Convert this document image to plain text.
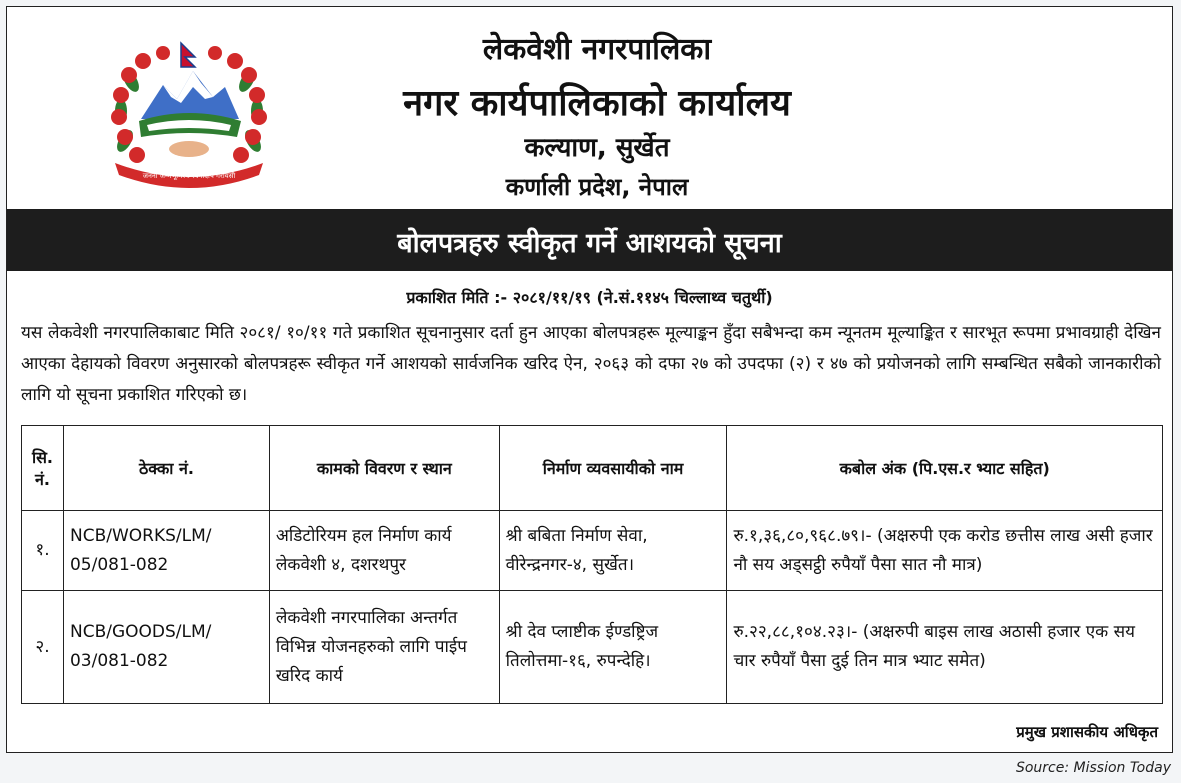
जननी जन्मभूमिश्च स्वर्गादपि गरीयसी
लेकवेशी नगरपालिका
नगर कार्यपालिकाको कार्यालय
कल्याण, सुर्खेत
कर्णाली प्रदेश, नेपाल
बोलपत्रहरु स्वीकृत गर्ने आशयको सूचना
प्रकाशित मिति :- २०८१/११/१९ (ने.सं.११४५ चिल्लाथ्व चतुर्थी)
यस लेकवेशी नगरपालिकाबाट मिति २०८१/ १०/११ गते प्रकाशित सूचनानुसार दर्ता हुन आएका बोलपत्रहरू मूल्याङ्कन हुँदा सबैभन्दा कम न्यूनतम मूल्याङ्कित र सारभूत रूपमा प्रभावग्राही देखिन आएका देहायको विवरण अनुसारको बोलपत्रहरू स्वीकृत गर्ने आशयको सार्वजनिक खरिद ऐन, २०६३ को दफा २७ को उपदफा (२) र ४७ को प्रयोजनको लागि सम्बन्धित सबैको जानकारीको लागि यो सूचना प्रकाशित गरिएको छ।
सि. नं.	ठेक्का नं.	कामको विवरण र स्थान	निर्माण व्यवसायीको नाम	कबोल अंक (पि.एस.र भ्याट सहित)
१.	NCB/WORKS/LM/ 05/081-082	अडिटोरियम हल निर्माण कार्य लेकवेशी ४, दशरथपुर	श्री बबिता निर्माण सेवा, वीरेन्द्रनगर-४, सुर्खेत।	रु.१,३६,८०,९६८.७९।- (अक्षरुपी एक करोड छत्तीस लाख असी हजार नौ सय अड्सट्ठी रुपैयाँ पैसा सात नौ मात्र)
२.	NCB/GOODS/LM/ 03/081-082	लेकवेशी नगरपालिका अन्तर्गत विभिन्न योजनहरुको लागि पाईप खरिद कार्य	श्री देव प्लाष्टीक ईण्डष्ट्रिज तिलोत्तमा-१६, रुपन्देहि।	रु.२२,८८,१०४.२३।- (अक्षरुपी बाइस लाख अठासी हजार एक सय चार रुपैयाँ पैसा दुई तिन मात्र भ्याट समेत)
प्रमुख प्रशासकीय अधिकृत
Source: Mission Today
